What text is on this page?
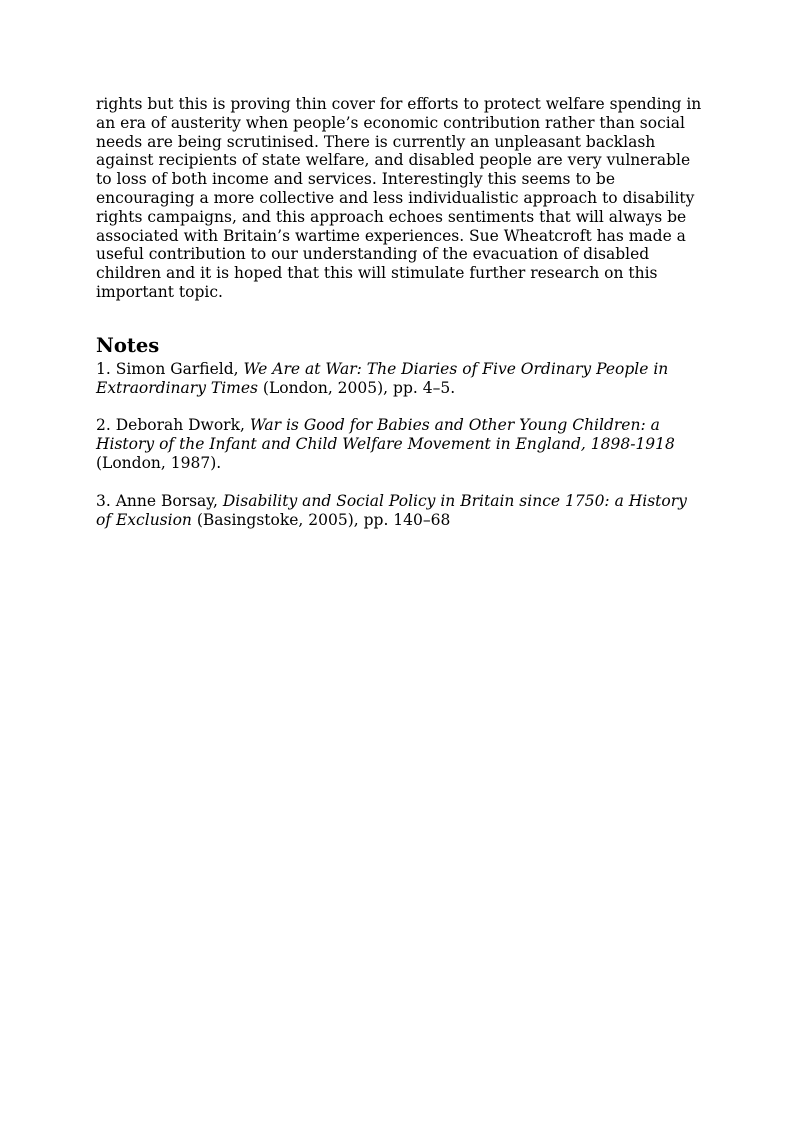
rights but this is proving thin cover for efforts to protect welfare spending in an era of austerity when people’s economic contribution rather than social needs are being scrutinised. There is currently an unpleasant backlash against recipients of state welfare, and disabled people are very vulnerable to loss of both income and services. Interestingly this seems to be encouraging a more collective and less individualistic approach to disability rights campaigns, and this approach echoes sentiments that will always be associated with Britain’s wartime experiences. Sue Wheatcroft has made a useful contribution to our understanding of the evacuation of disabled children and it is hoped that this will stimulate further research on this important topic.

Notes

1. Simon Garfield, We Are at War: The Diaries of Five Ordinary People in Extraordinary Times (London, 2005), pp. 4–5.

2. Deborah Dwork, War is Good for Babies and Other Young Children: a History of the Infant and Child Welfare Movement in England, 1898-1918 (London, 1987).

3. Anne Borsay, Disability and Social Policy in Britain since 1750: a History of Exclusion (Basingstoke, 2005), pp. 140–68
